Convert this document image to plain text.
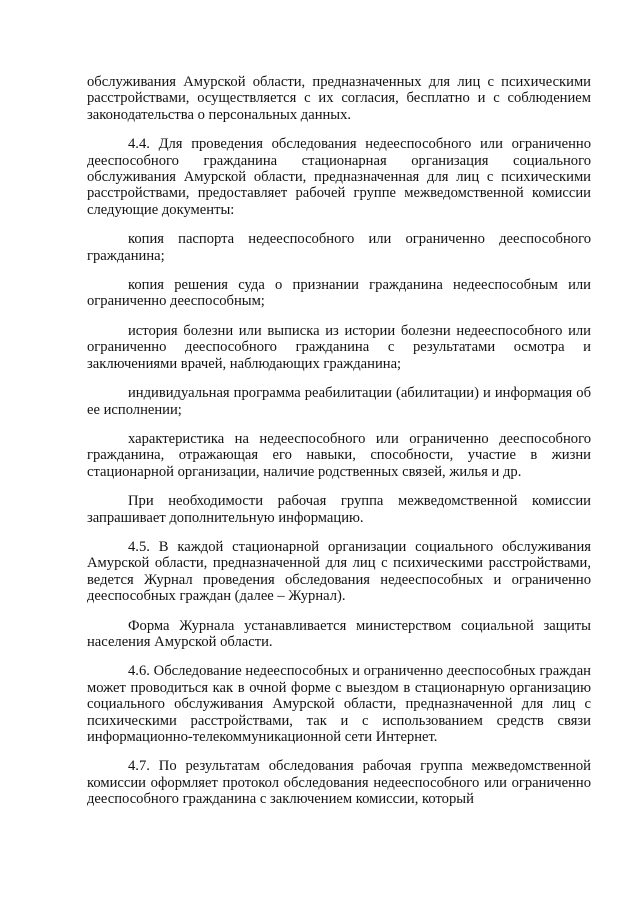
обслуживания Амурской области, предназначенных для лиц с психическими расстройствами, осуществляется с их согласия, бесплатно и с соблюдением законодательства о персональных данных.

4.4. Для проведения обследования недееспособного или ограниченно дееспособного гражданина стационарная организация социального обслуживания Амурской области, предназначенная для лиц с психическими расстройствами, предоставляет рабочей группе межведомственной комиссии следующие документы:

копия паспорта недееспособного или ограниченно дееспособного гражданина;

копия решения суда о признании гражданина недееспособным или ограниченно дееспособным;

история болезни или выписка из истории болезни недееспособного или ограниченно дееспособного гражданина с результатами осмотра и заключениями врачей, наблюдающих гражданина;

индивидуальная программа реабилитации (абилитации) и информация об ее исполнении;

характеристика на недееспособного или ограниченно дееспособного гражданина, отражающая его навыки, способности, участие в жизни стационарной организации, наличие родственных связей, жилья и др.

При необходимости рабочая группа межведомственной комиссии запрашивает дополнительную информацию.

4.5. В каждой стационарной организации социального обслуживания Амурской области, предназначенной для лиц с психическими расстройствами, ведется Журнал проведения обследования недееспособных и ограниченно дееспособных граждан (далее – Журнал).

Форма Журнала устанавливается министерством социальной защиты населения Амурской области.

4.6. Обследование недееспособных и ограниченно дееспособных граждан может проводиться как в очной форме с выездом в стационарную организацию социального обслуживания Амурской области, предназначенной для лиц с психическими расстройствами, так и с использованием средств связи информационно-телекоммуникационной сети Интернет.

4.7. По результатам обследования рабочая группа межведомственной комиссии оформляет протокол обследования недееспособного или ограниченно дееспособного гражданина с заключением комиссии, который
